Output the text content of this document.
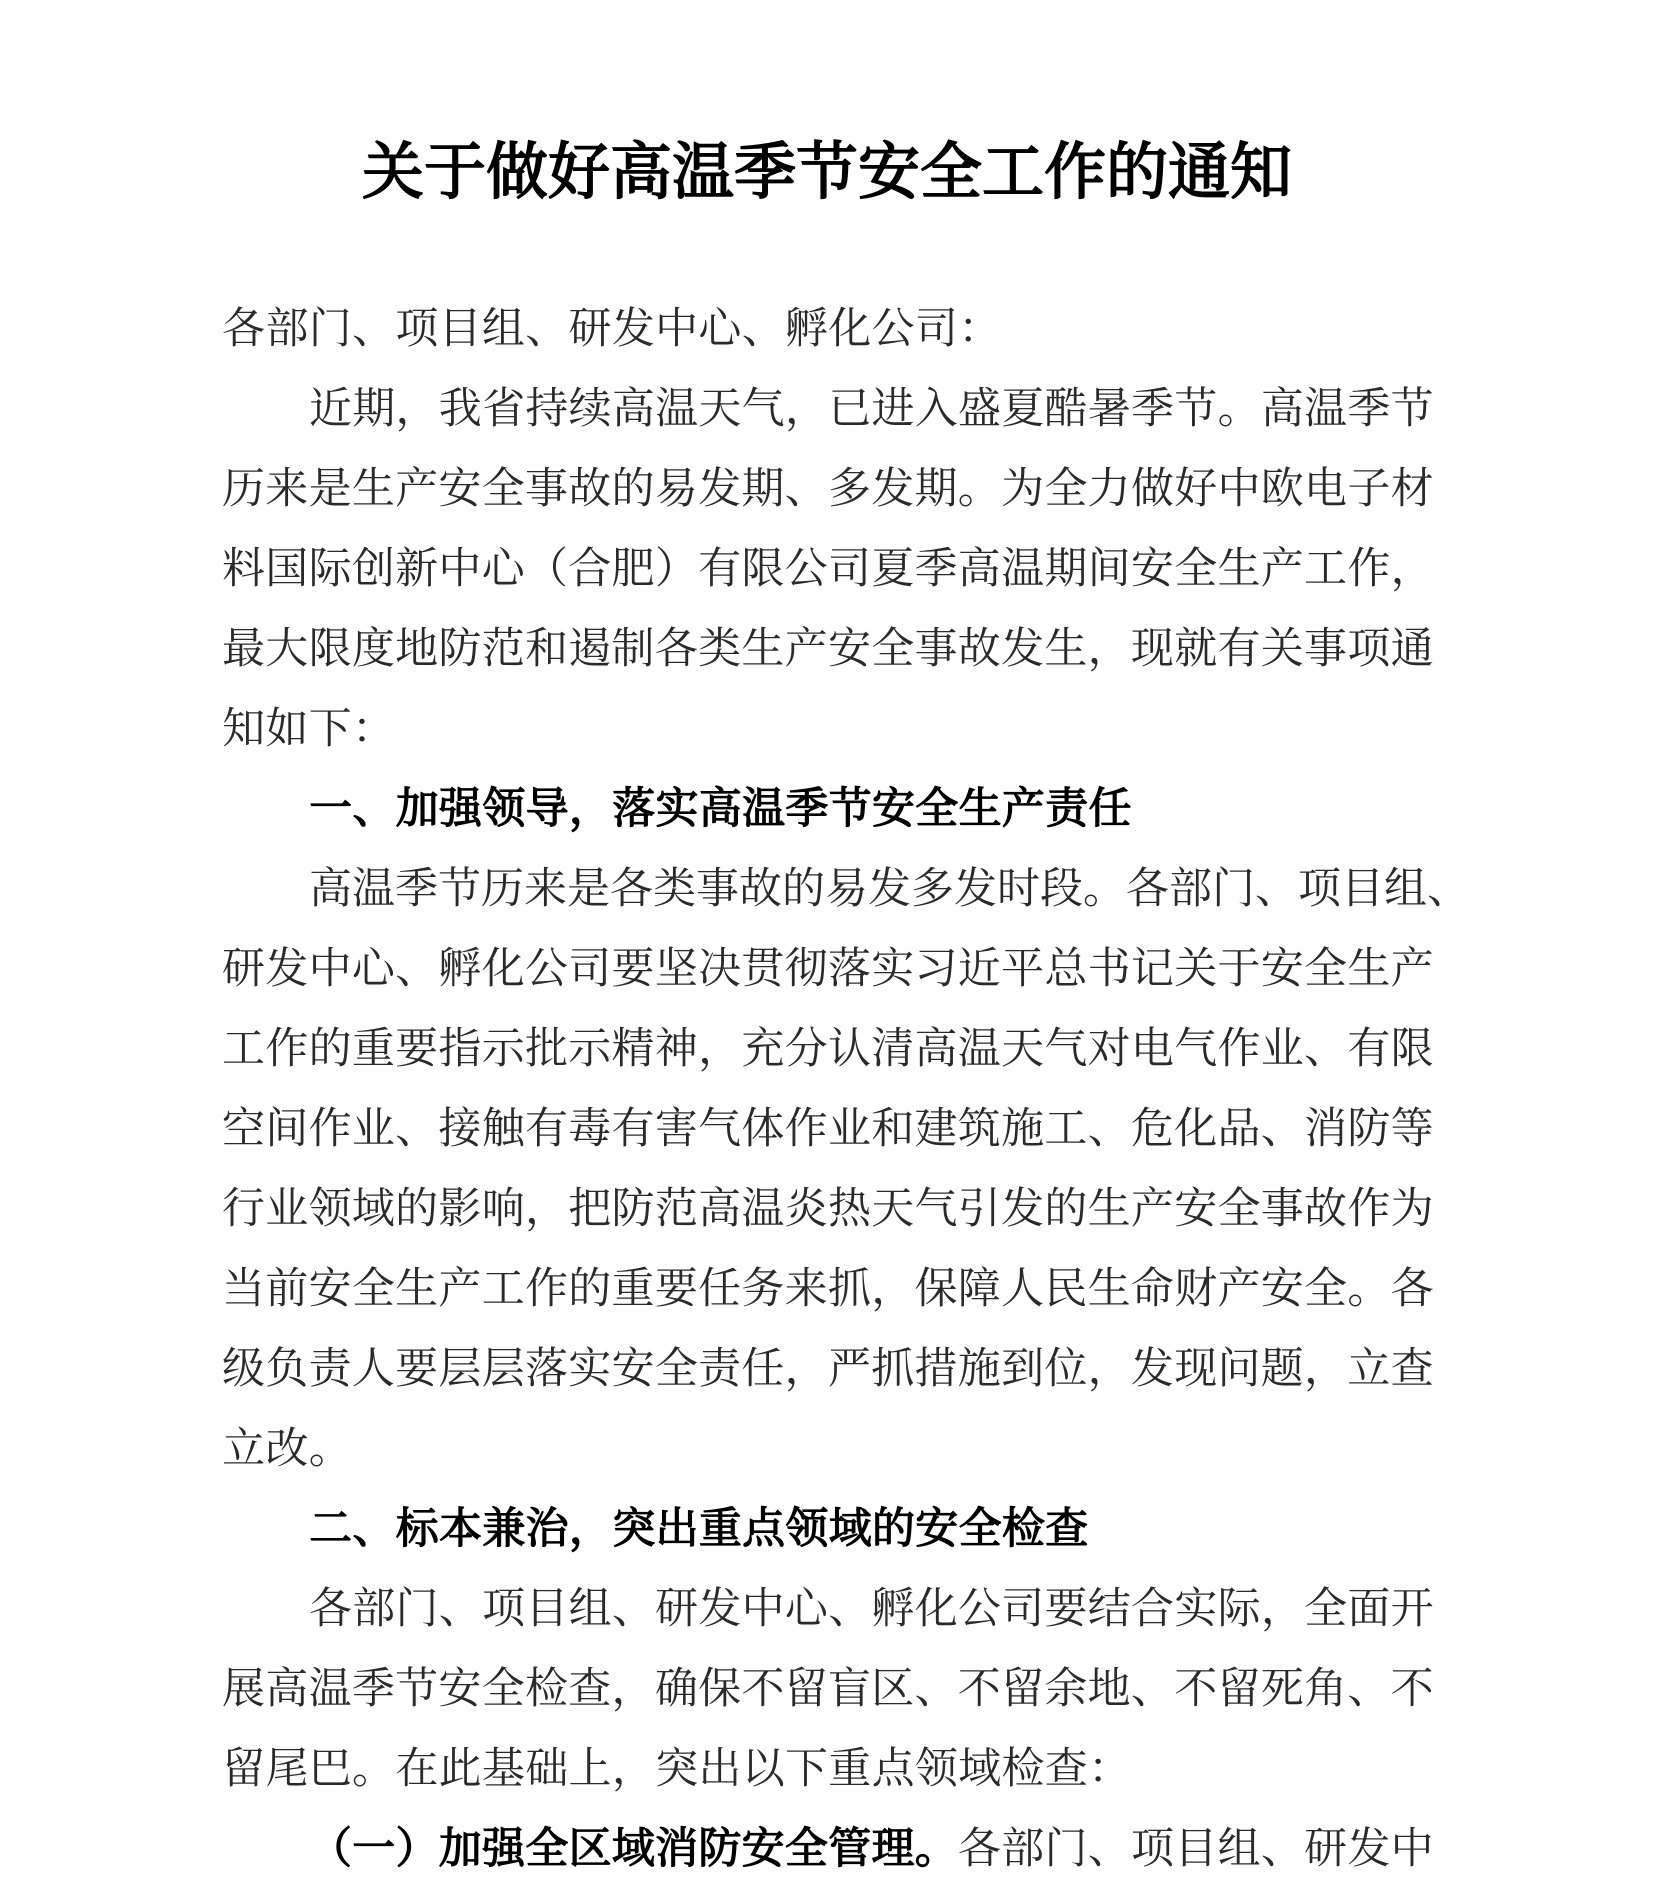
关 于 做 好 高 温 季 节 安 全 工 作 的 通 知
各 部 门 、 项 目 组 、 研 发 中 心 、 孵 化 公 司 ：
近 期 ， 我 省 持 续 高 温 天 气 ， 已 进 入 盛 夏 酷 暑 季 节 。 高 温 季 节
历 来 是 生 产 安 全 事 故 的 易 发 期 、 多 发 期 。 为 全 力 做 好 中 欧 电 子 材
料 国 际 创 新 中 心 （ 合 肥 ） 有 限 公 司 夏 季 高 温 期 间 安 全 生 产 工 作 ，
最 大 限 度 地 防 范 和 遏 制 各 类 生 产 安 全 事 故 发 生 ， 现 就 有 关 事 项 通
知 如 下 ：
一 、 加 强 领 导 ， 落 实 高 温 季 节 安 全 生 产 责 任
高 温 季 节 历 来 是 各 类 事 故 的 易 发 多 发 时 段 。 各 部 门 、 项 目 组 、
研 发 中 心 、 孵 化 公 司 要 坚 决 贯 彻 落 实 习 近 平 总 书 记 关 于 安 全 生 产
工 作 的 重 要 指 示 批 示 精 神 ， 充 分 认 清 高 温 天 气 对 电 气 作 业 、 有 限
空 间 作 业 、 接 触 有 毒 有 害 气 体 作 业 和 建 筑 施 工 、 危 化 品 、 消 防 等
行 业 领 域 的 影 响 ， 把 防 范 高 温 炎 热 天 气 引 发 的 生 产 安 全 事 故 作 为
当 前 安 全 生 产 工 作 的 重 要 任 务 来 抓 ， 保 障 人 民 生 命 财 产 安 全 。 各
级 负 责 人 要 层 层 落 实 安 全 责 任 ， 严 抓 措 施 到 位 ， 发 现 问 题 ， 立 查
立 改 。
二 、 标 本 兼 治 ， 突 出 重 点 领 域 的 安 全 检 查
各 部 门 、 项 目 组 、 研 发 中 心 、 孵 化 公 司 要 结 合 实 际 ， 全 面 开
展 高 温 季 节 安 全 检 查 ， 确 保 不 留 盲 区 、 不 留 余 地 、 不 留 死 角 、 不
留 尾 巴 。 在 此 基 础 上 ， 突 出 以 下 重 点 领 域 检 查 ：
（ 一 ） 加 强 全 区 域 消 防 安 全 管 理 。 各 部 门 、 项 目 组 、 研 发 中
